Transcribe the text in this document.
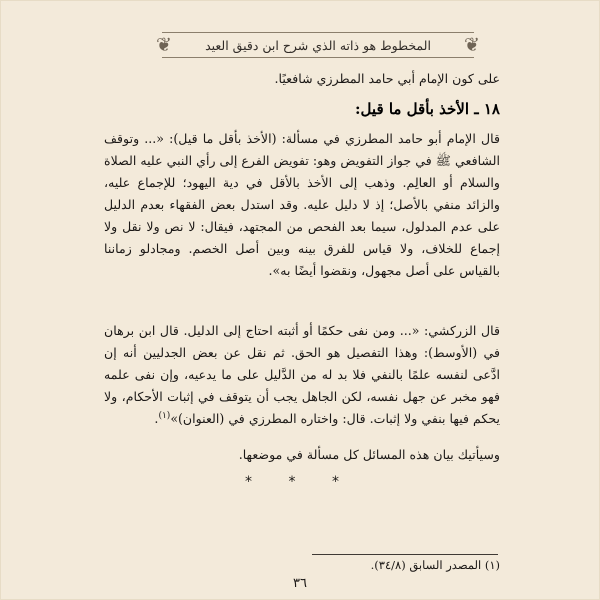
❦	المخطوط هو ذاته الذي شرح ابن دقيق العيد ❦
على كون الإمام أبي حامد المطرزي شافعيًا.
١٨ ـ الأخذ بأقل ما قيل:
قال الإمام أبو حامد المطرزي في مسألة: (الأخذ بأقل ما قيل): «... وتوقف الشافعي ﷺ في جواز التفويض وهو: تفويض الفرع إلى رأي النبي عليه الصلاة والسلام أو العالِم. وذهب إلى الأخذ بالأقل في دية اليهود؛ للإجماع عليه، والزائد منفي بالأصل؛ إذ لا دليل عليه. وقد استدل بعض الفقهاء بعدم الدليل على عدم المدلول، سيما بعد الفحص من المجتهد، فيقال: لا نص ولا نقل ولا إجماع للخلاف، ولا قياس للفرق بينه وبين أصل الخصم. ومجادلو زماننا بالقياس على أصل مجهول، ونقضوا أيضًا به».
قال الزركشي: «... ومن نفى حكمًا أو أثبته احتاج إلى الدليل. قال ابن برهان في (الأوسط): وهذا التفصيل هو الحق. ثم نقل عن بعض الجدليين أنه إن ادَّعى لنفسه علمًا بالنفي فلا بد له من الدَّليل على ما يدعيه، وإن نفى علمه فهو مخبر عن جهل نفسه، لكن الجاهل يجب أن يتوقف في إثبات الأحكام، ولا يحكم فيها بنفي ولا إثبات. قال: واختاره المطرزي في (العنوان)»$^{(١)}$.
وسيأتيك بيان هذه المسائل كل مسألة في موضعها.
* * *
(١) المصدر السابق (٣٤/٨).
٣٦
